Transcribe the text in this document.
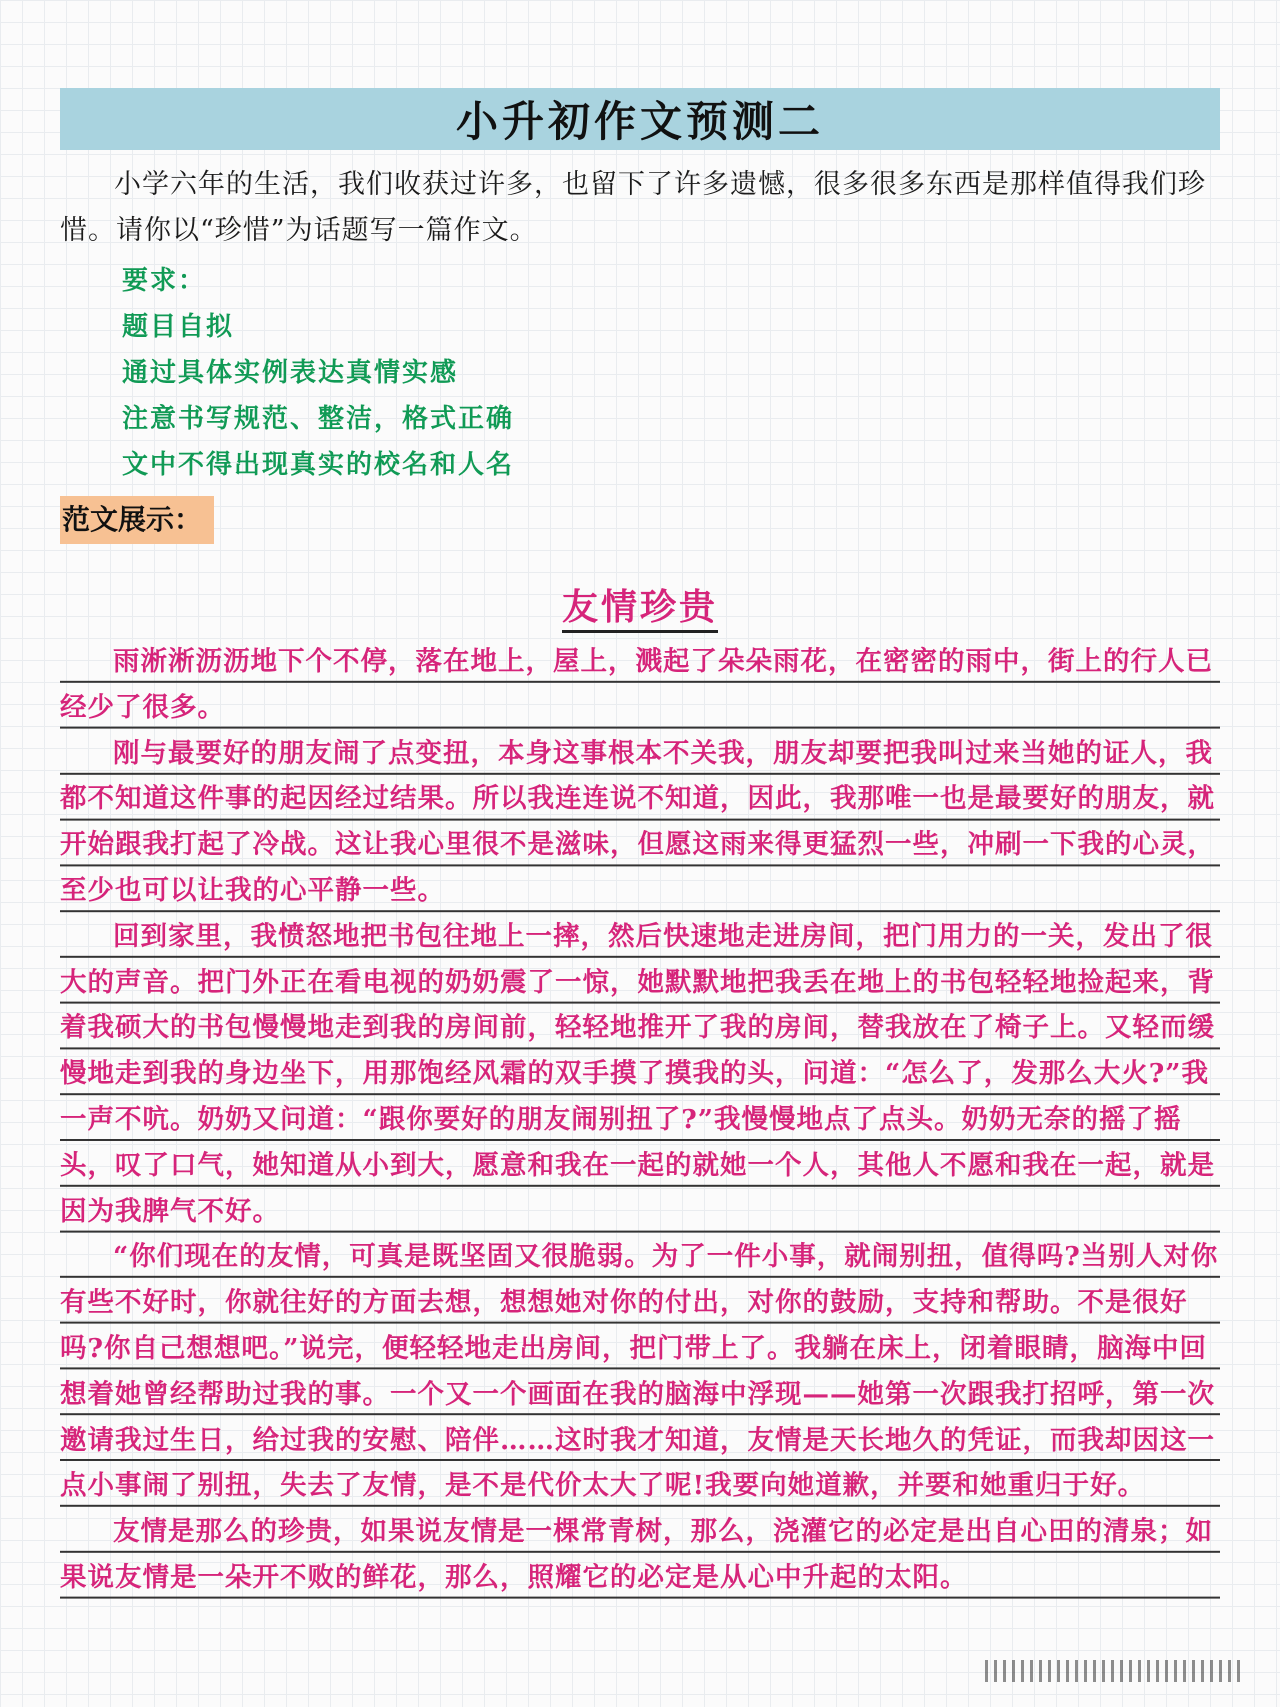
小升初作文预测二
小学六年的生活，我们收获过许多，也留下了许多遗憾，很多很多东西是那样值得我们珍惜。请你以“珍惜”为话题写一篇作文。
要求：
题目自拟
通过具体实例表达真情实感
注意书写规范、整洁，格式正确
文中不得出现真实的校名和人名
范文展示：
友情珍贵
雨淅淅沥沥地下个不停，落在地上，屋上，溅起了朵朵雨花，在密密的雨中，街上的行人已经少了很多。
刚与最要好的朋友闹了点变扭，本身这事根本不关我，朋友却要把我叫过来当她的证人，我都不知道这件事的起因经过结果。所以我连连说不知道，因此，我那唯一也是最要好的朋友，就开始跟我打起了冷战。这让我心里很不是滋味，但愿这雨来得更猛烈一些，冲刷一下我的心灵，至少也可以让我的心平静一些。
回到家里，我愤怒地把书包往地上一摔，然后快速地走进房间，把门用力的一关，发出了很大的声音。把门外正在看电视的奶奶震了一惊，她默默地把我丢在地上的书包轻轻地捡起来，背着我硕大的书包慢慢地走到我的房间前，轻轻地推开了我的房间，替我放在了椅子上。又轻而缓慢地走到我的身边坐下，用那饱经风霜的双手摸了摸我的头，问道：“怎么了，发那么大火?”我一声不吭。奶奶又问道：“跟你要好的朋友闹别扭了?”我慢慢地点了点头。奶奶无奈的摇了摇头，叹了口气，她知道从小到大，愿意和我在一起的就她一个人，其他人不愿和我在一起，就是因为我脾气不好。
“你们现在的友情，可真是既坚固又很脆弱。为了一件小事，就闹别扭，值得吗?当别人对你有些不好时，你就往好的方面去想，想想她对你的付出，对你的鼓励，支持和帮助。不是很好吗?你自己想想吧。”说完，便轻轻地走出房间，把门带上了。我躺在床上，闭着眼睛，脑海中回想着她曾经帮助过我的事。一个又一个画面在我的脑海中浮现——她第一次跟我打招呼，第一次邀请我过生日，给过我的安慰、陪伴……这时我才知道，友情是天长地久的凭证，而我却因这一点小事闹了别扭，失去了友情，是不是代价太大了呢!我要向她道歉，并要和她重归于好。
友情是那么的珍贵，如果说友情是一棵常青树，那么，浇灌它的必定是出自心田的清泉；如果说友情是一朵开不败的鲜花，那么，照耀它的必定是从心中升起的太阳。
